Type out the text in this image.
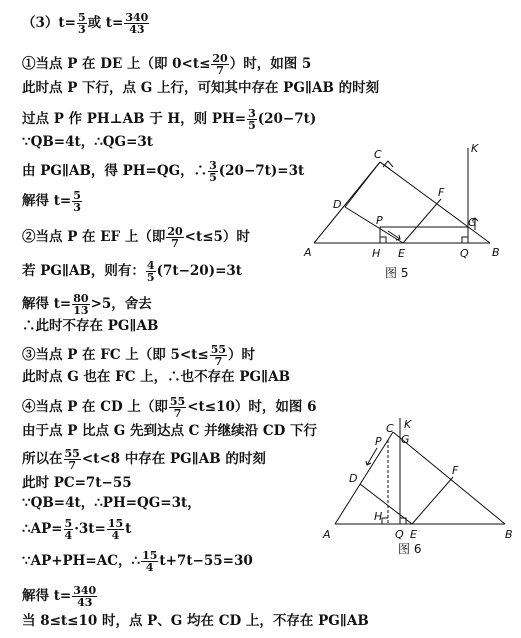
$(3)t= \frac{5}{3}$ 或 $t= \frac{340}{43}$
①当点 P 在 DE 上（即 $0<t\le \frac{20}{7}$ ）时，如图 5
此时点 P 下行，点 G 上行，可知其中存在 PG∥AB 的时刻
过点 P 作 PH⊥AB 于 H，则 $PH= \frac{3}{5} (20-7t)$
∵QB=4t，∴QG=3t
由 PG∥AB，得 PH=QG，∴ $\frac{3}{5} (20-7t)=3t$
解得 $t= \frac{5}{3}$
②当点 P 在 EF 上（即 $\frac{20}{7} <t\le 5$）时
若 PG∥AB，则有： $\frac{4}{5} (7t-20)=3t$
解得 $t= \frac{80}{13} >5$，舍去
∴此时不存在 PG∥AB
③当点 P 在 FC 上（即 $5<t\le \frac{55}{7}$ ）时
此时点 G 也在 FC 上，∴也不存在 PG∥AB
④当点 P 在 CD 上（即 $\frac{55}{7} <t\le 10$）时，如图 6
由于点 P 比点 G 先到达点 C 并继续沿 CD 下行
所以在 $\frac{55}{7} <t<8$ 中存在 PG∥AB 的时刻
此时 PC=7t−55
∵QB=4t，∴PH=QG=3t，
∴AP= $\frac{5}{4} \cdot 3t= \frac{15}{4}$ t
∵AP+PH=AC，∴ $\frac{15}{4} t+7t-55=30$
解得 $t= \frac{340}{43}$
当 8≤t≤10 时，点 P、G 均在 CD 上，不存在 PG∥AB
A	B
C
D
E
F
G
H
K
P
Q
图 5
A	B
C
D
E
F
G
H
K
P
Q
图 6
